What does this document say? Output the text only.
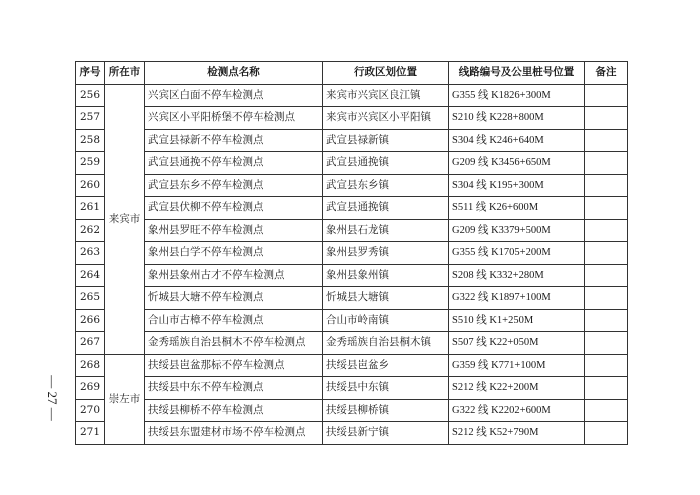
序号	所在市	检测点名称	行政区划位置	线路编号及公里桩号位置	备注
256	来宾市	兴宾区白面不停车检测点	来宾市兴宾区良江镇	G355 线 K1826+300M	
257		兴宾区小平阳桥堡不停车检测点	来宾市兴宾区小平阳镇	S210 线 K228+800M	
258		武宣县禄新不停车检测点	武宣县禄新镇	S304 线 K246+640M	
259		武宣县通挽不停车检测点	武宣县通挽镇	G209 线 K3456+650M	
260		武宣县东乡不停车检测点	武宣县东乡镇	S304 线 K195+300M	
261		武宣县伏柳不停车检测点	武宣县通挽镇	S511 线 K26+600M	
262		象州县罗旺不停车检测点	象州县石龙镇	G209 线 K3379+500M	
263		象州县白学不停车检测点	象州县罗秀镇	G355 线 K1705+200M	
264		象州县象州古才不停车检测点	象州县象州镇	S208 线 K332+280M	
265		忻城县大塘不停车检测点	忻城县大塘镇	G322 线 K1897+100M	
266		合山市古樟不停车检测点	合山市岭南镇	S510 线 K1+250M	
267		金秀瑶族自治县桐木不停车检测点	金秀瑶族自治县桐木镇	S507 线 K22+050M	
268	崇左市	扶绥县岜盆那标不停车检测点	扶绥县岜盆乡	G359 线 K771+100M	
269		扶绥县中东不停车检测点	扶绥县中东镇	S212 线 K22+200M	
270		扶绥县柳桥不停车检测点	扶绥县柳桥镇	G322 线 K2202+600M	
271		扶绥县东盟建材市场不停车检测点	扶绥县新宁镇	S212 线 K52+790M	
— 27 —
